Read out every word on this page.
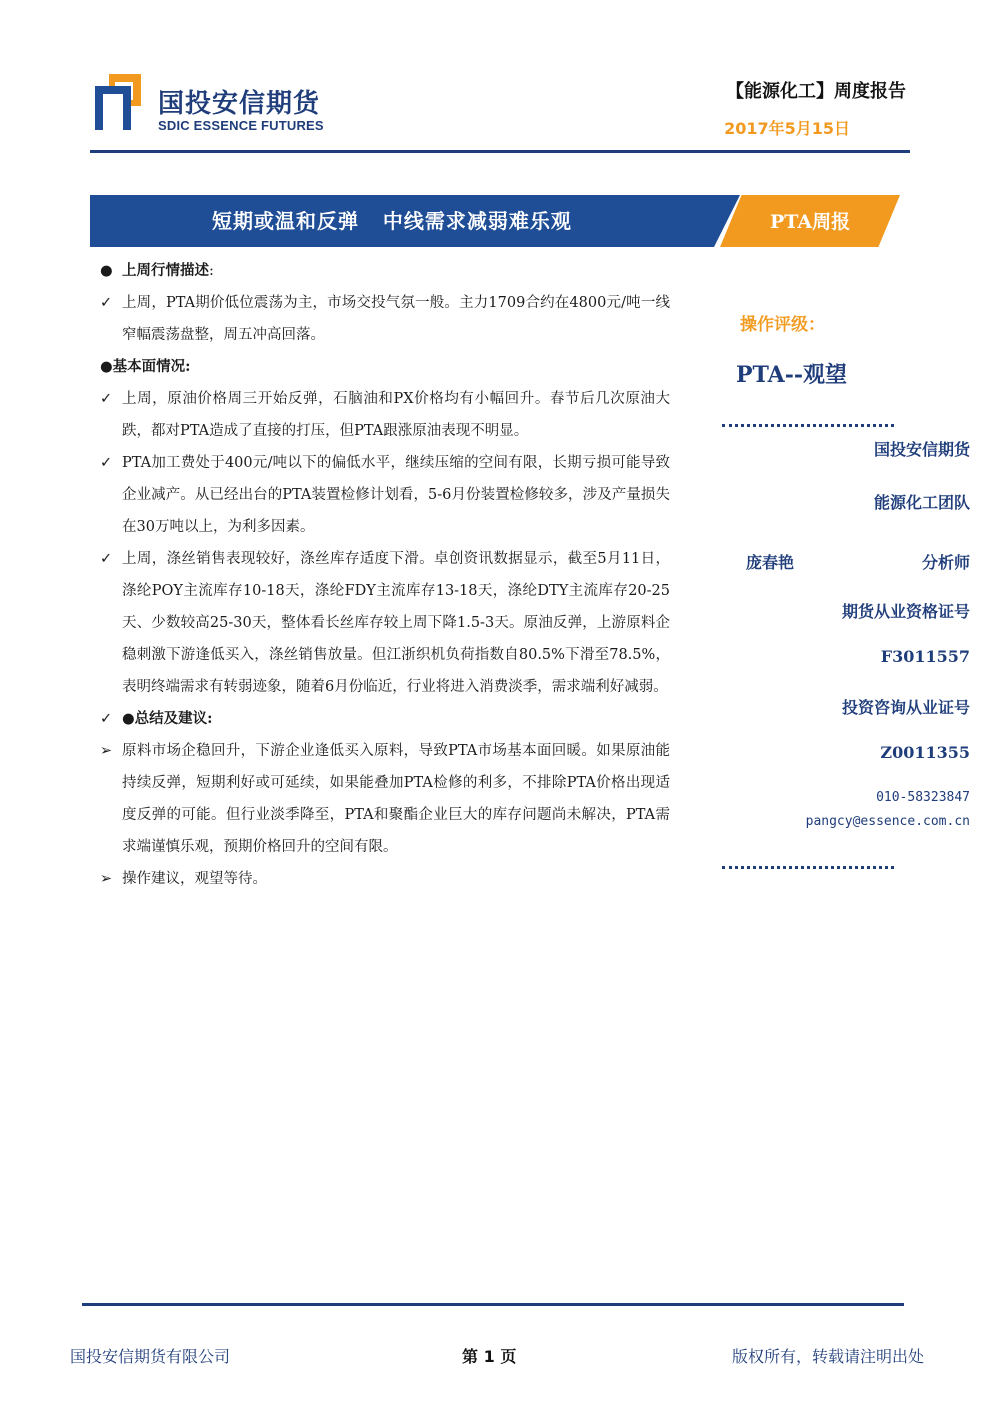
国投安信期货
SDIC ESSENCE FUTURES
【能源化工】周度报告
2017年5月15日
短期或温和反弹   中线需求减弱难乐观	PTA周报
● 上周行情描述 :
✓ 上周，PTA期价低位震荡为主，市场交投气氛一般。主力1709合约在4800元/吨一线窄幅震荡盘整，周五冲高回落。
● 基本面情况:
✓ 上周，原油价格周三开始反弹，石脑油和PX价格均有小幅回升。春节后几次原油大跌，都对PTA造成了直接的打压，但PTA跟涨原油表现不明显。
✓ PTA加工费处于400元/吨以下的偏低水平，继续压缩的空间有限，长期亏损可能导致企业减产。从已经出台的PTA装置检修计划看，5-6月份装置检修较多，涉及产量损失在30万吨以上，为利多因素。
✓ 上周，涤丝销售表现较好，涤丝库存适度下滑。卓创资讯数据显示，截至5月11日，涤纶POY主流库存10-18天，涤纶FDY主流库存13-18天，涤纶DTY主流库存20-25天、少数较高25-30天，整体看长丝库存较上周下降1.5-3天。原油反弹，上游原料企稳刺激下游逢低买入，涤丝销售放量。但江浙织机负荷指数自80.5%下滑至78.5%，表明终端需求有转弱迹象，随着6月份临近，行业将进入消费淡季，需求端利好减弱。
✓ ●总结及建议:
➢ 原料市场企稳回升，下游企业逢低买入原料，导致PTA市场基本面回暖。如果原油能持续反弹，短期利好或可延续，如果能叠加PTA检修的利多，不排除PTA价格出现适度反弹的可能。但行业淡季降至，PTA和聚酯企业巨大的库存问题尚未解决，PTA需求端谨慎乐观，预期价格回升的空间有限。
➢ 操作建议，观望等待。
操作评级：
PTA--观望
国投安信期货
能源化工团队
庞春艳	分析师
期货从业资格证号
F3011557
投资咨询从业证号
Z0011355
010-58323847
pangcy@essence.com.cn
国投安信期货有限公司	第 1 页	版权所有，转载请注明出处
